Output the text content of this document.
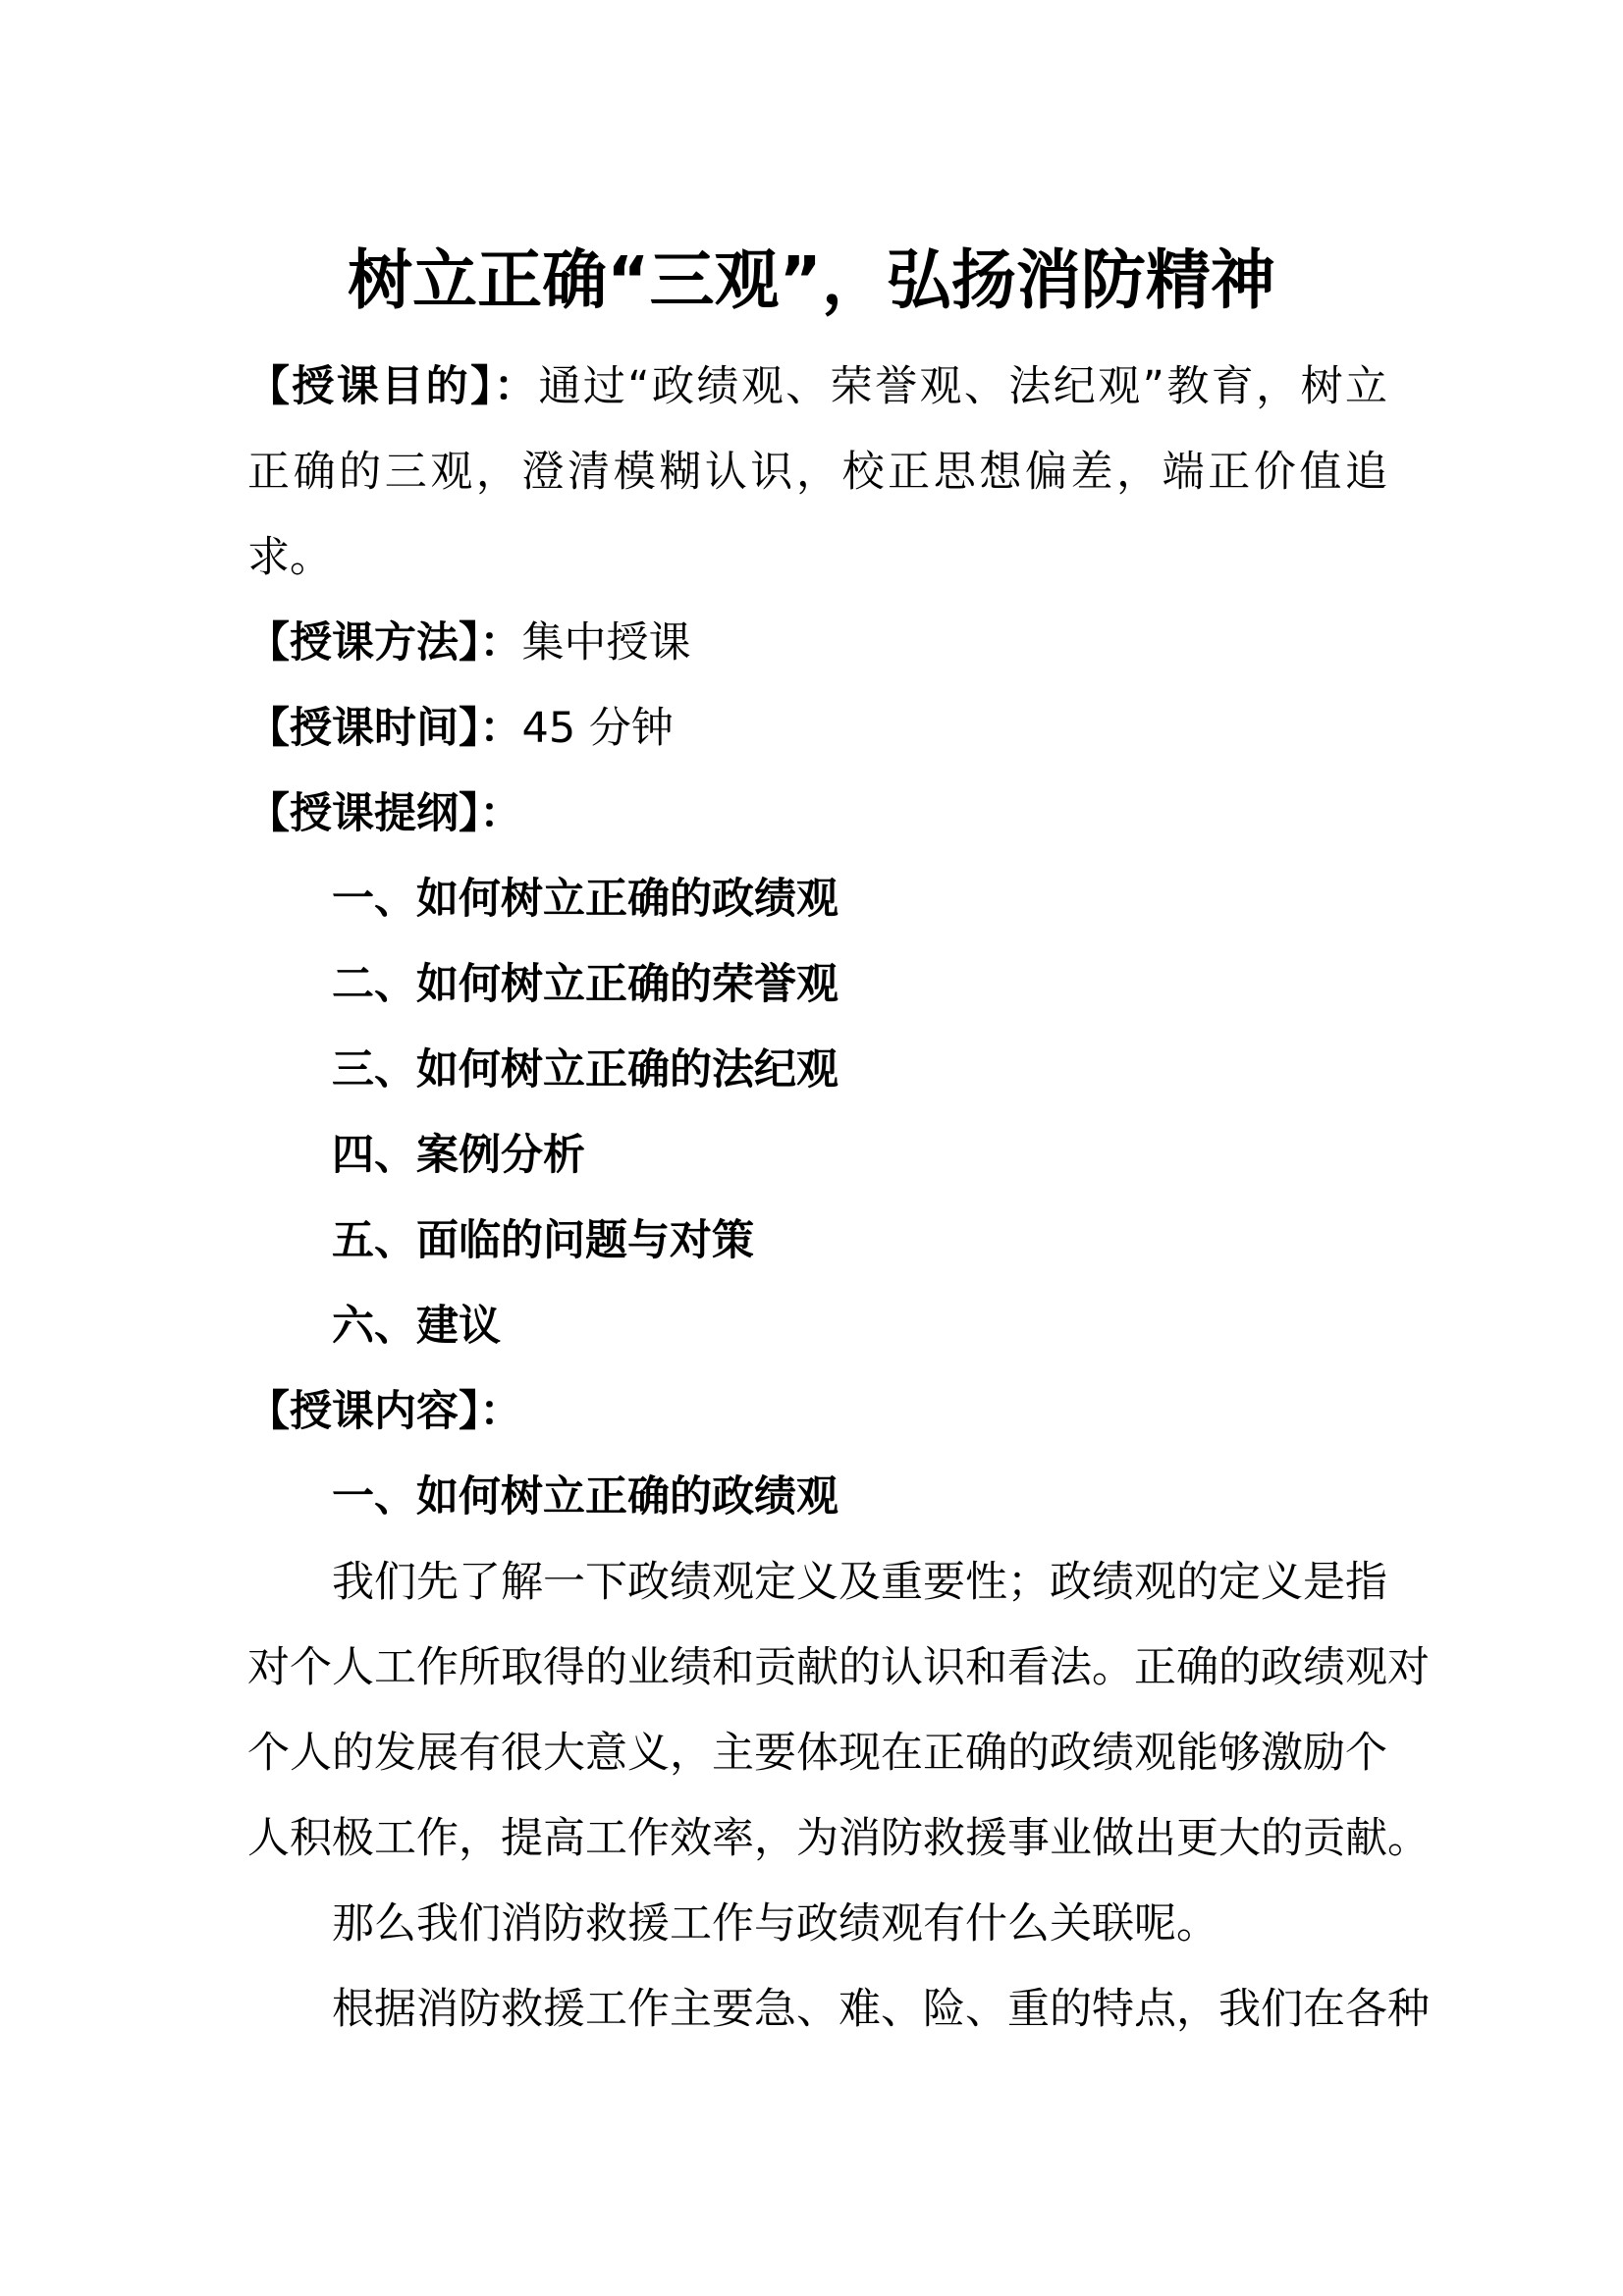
树立正确“三观”，弘扬消防精神
【授课目的】：通过“政绩观、荣誉观、法纪观”教育，树立
正确的三观，澄清模糊认识，校正思想偏差，端正价值追
求。
【授课方法】：集中授课
【授课时间】：45 分钟
【授课提纲】：
一、如何树立正确的政绩观
二、如何树立正确的荣誉观
三、如何树立正确的法纪观
四、案例分析
五、面临的问题与对策
六、建议
【授课内容】：
一、如何树立正确的政绩观
我们先了解一下政绩观定义及重要性；政绩观的定义是指
对个人工作所取得的业绩和贡献的认识和看法。正确的政绩观对
个人的发展有很大意义，主要体现在正确的政绩观能够激励个
人积极工作，提高工作效率，为消防救援事业做出更大的贡献。
那么我们消防救援工作与政绩观有什么关联呢。
根据消防救援工作主要急、难、险、重的特点，我们在各种
